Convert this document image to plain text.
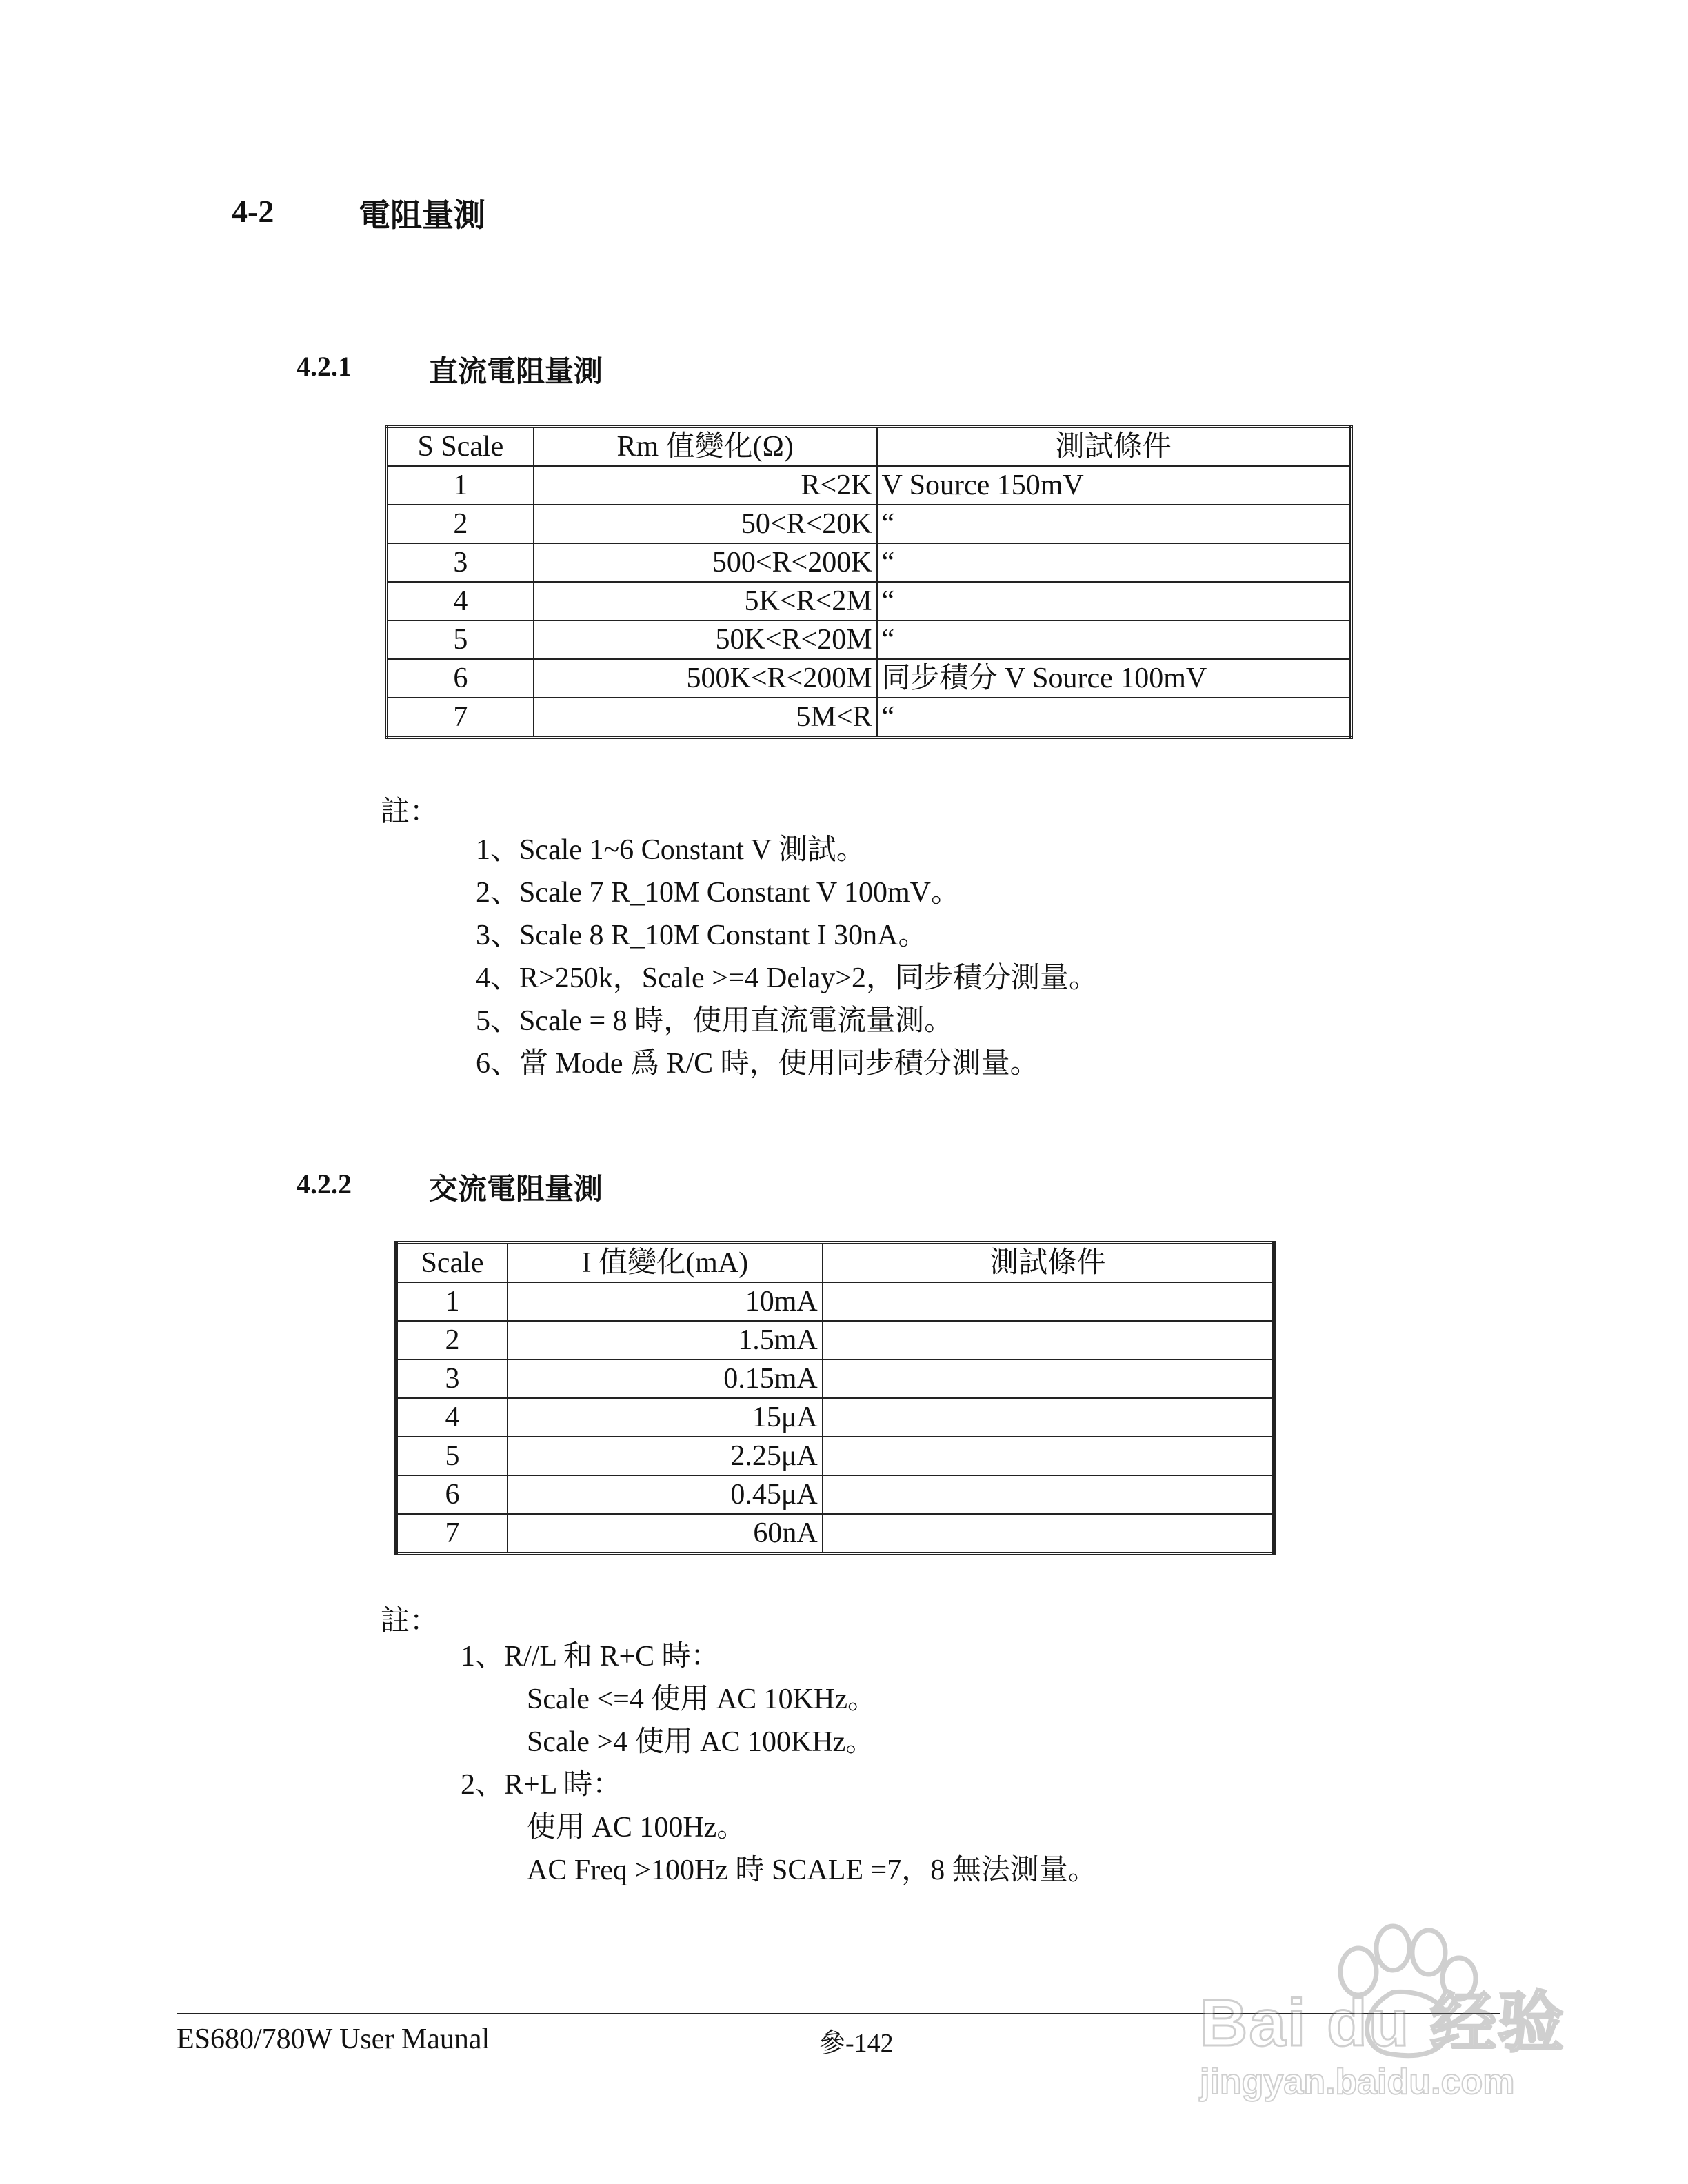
4-2	電阻量測
4.2.1	直流電阻量測
S Scale	Rm 值變化(Ω)	測試條件
1	R<2K	V Source 150mV
2	50<R<20K	“
3	500<R<200K	“
4	5K<R<2M	“
5	50K<R<20M	“
6	500K<R<200M	同步積分 V Source 100mV
7	5M<R	“
註：
1、Scale 1~6 Constant V 測試。
2、Scale 7 R_10M Constant V 100mV。
3、Scale 8 R_10M Constant I 30nA。
4、R>250k，Scale >=4 Delay>2，同步積分測量。
5、Scale = 8 時，使用直流電流量測。
6、當 Mode 爲 R/C 時，使用同步積分測量。
4.2.2	交流電阻量測
Scale	I 值變化(mA)	測試條件
1	10mA	
2	1.5mA	
3	0.15mA	
4	15μA	
5	2.25μA	
6	0.45μA	
7	60nA	
註：
1、R//L 和 R+C 時：
Scale <=4 使用 AC 10KHz。
Scale >4 使用 AC 100KHz。
2、R+L 時：
使用 AC 100Hz。
AC Freq >100Hz 時 SCALE =7，8 無法測量。
ES680/780W User Maunal	參-142	Bai du 经验
jingyan.baidu.com
